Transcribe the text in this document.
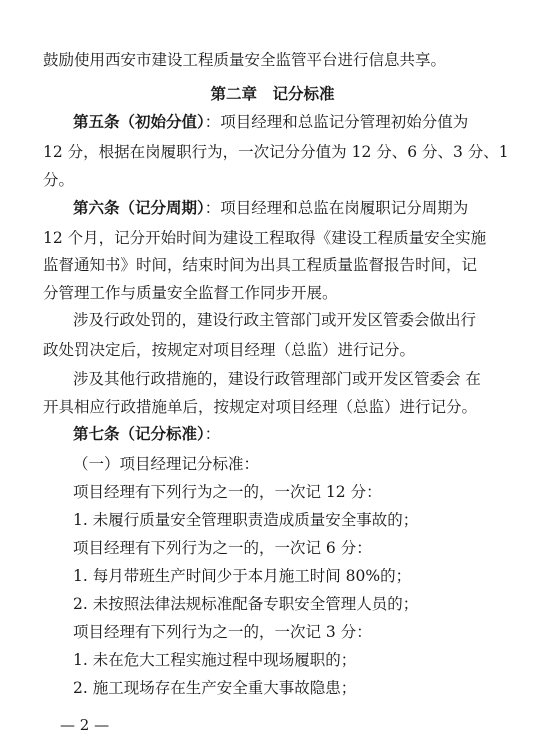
鼓励使用西安市建设工程质量安全监管平台进行信息共享。
第二章　记分标准
第五条（初始分值）：项目经理和总监记分管理初始分值为
12 分，根据在岗履职行为，一次记分分值为 12 分、6 分、3 分、1
分。
第六条（记分周期）：项目经理和总监在岗履职记分周期为
12 个月，记分开始时间为建设工程取得《建设工程质量安全实施
监督通知书》时间，结束时间为出具工程质量监督报告时间，记
分管理工作与质量安全监督工作同步开展。
涉及行政处罚的，建设行政主管部门或开发区管委会做出行
政处罚决定后，按规定对项目经理（总监）进行记分。
涉及其他行政措施的，建设行政管理部门或开发区管委会 在
开具相应行政措施单后，按规定对项目经理（总监）进行记分。
第七条（记分标准）：
（一）项目经理记分标准：
项目经理有下列行为之一的，一次记 12 分：
1. 未履行质量安全管理职责造成质量安全事故的；
项目经理有下列行为之一的，一次记 6 分：
1. 每月带班生产时间少于本月施工时间 80%的；
2. 未按照法律法规标准配备专职安全管理人员的；
项目经理有下列行为之一的，一次记 3 分：
1. 未在危大工程实施过程中现场履职的；
2. 施工现场存在生产安全重大事故隐患；
— 2 —
